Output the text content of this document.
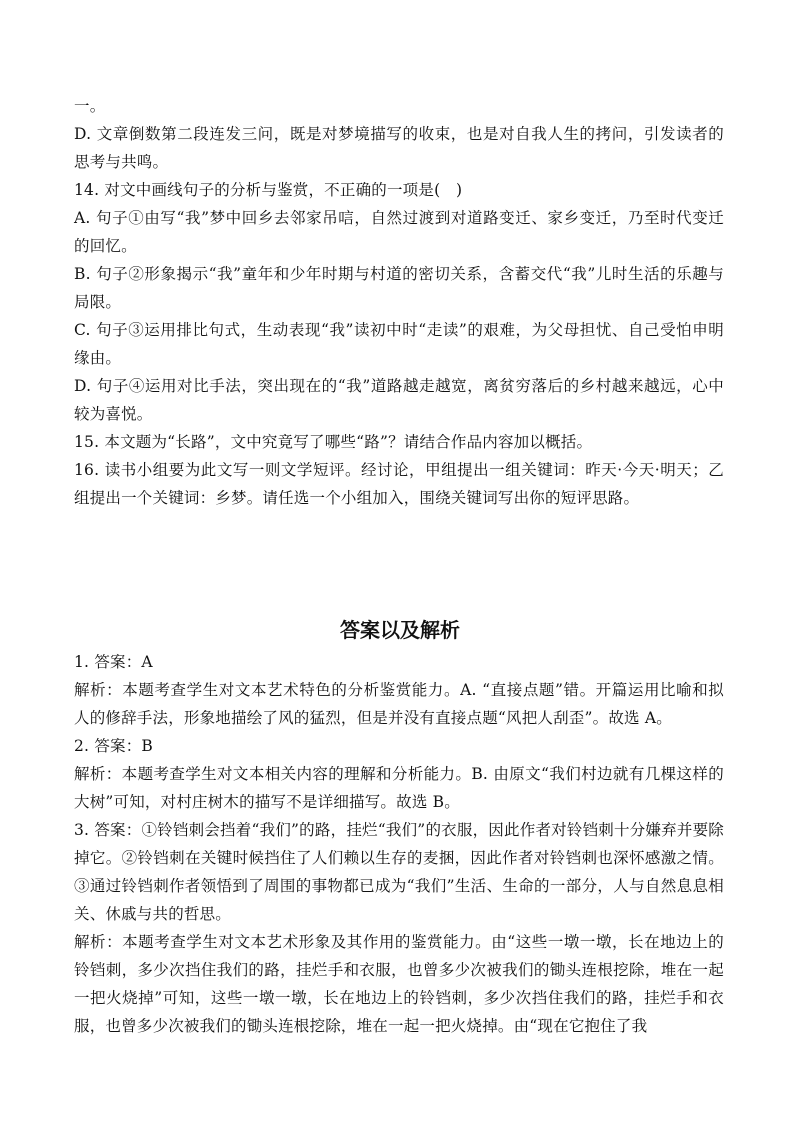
一。
D. 文章倒数第二段连发三问，既是对梦境描写的收束，也是对自我人生的拷问，引发读者的思考与共鸣。
14. 对文中画线句子的分析与鉴赏，不正确的一项是( )
A. 句子①由写“我”梦中回乡去邻家吊唁，自然过渡到对道路变迁、家乡变迁，乃至时代变迁的回忆。
B. 句子②形象揭示“我”童年和少年时期与村道的密切关系，含蓄交代“我”儿时生活的乐趣与局限。
C. 句子③运用排比句式，生动表现“我”读初中时“走读”的艰难，为父母担忧、自己受怕申明缘由。
D. 句子④运用对比手法，突出现在的“我”道路越走越宽，离贫穷落后的乡村越来越远，心中较为喜悦。
15. 本文题为“长路”，文中究竟写了哪些“路”？请结合作品内容加以概括。
16. 读书小组要为此文写一则文学短评。经讨论，甲组提出一组关键词：昨天·今天·明天；乙组提出一个关键词：乡梦。请任选一个小组加入，围绕关键词写出你的短评思路。
答案以及解析
1. 答案：A
解析：本题考查学生对文本艺术特色的分析鉴赏能力。A. “直接点题”错。开篇运用比喻和拟人的修辞手法，形象地描绘了风的猛烈，但是并没有直接点题“风把人刮歪”。故选 A。
2. 答案：B
解析：本题考查学生对文本相关内容的理解和分析能力。B. 由原文“我们村边就有几棵这样的大树”可知，对村庄树木的描写不是详细描写。故选 B。
3. 答案：①铃铛刺会挡着“我们”的路，挂烂“我们”的衣服，因此作者对铃铛刺十分嫌弃并要除掉它。②铃铛刺在关键时候挡住了人们赖以生存的麦捆，因此作者对铃铛刺也深怀感激之情。③通过铃铛刺作者领悟到了周围的事物都已成为“我们”生活、生命的一部分，人与自然息息相关、休戚与共的哲思。
解析：本题考查学生对文本艺术形象及其作用的鉴赏能力。由“这些一墩一墩，长在地边上的铃铛刺，多少次挡住我们的路，挂烂手和衣服，也曾多少次被我们的锄头连根挖除，堆在一起一把火烧掉”可知，这些一墩一墩，长在地边上的铃铛刺，多少次挡住我们的路，挂烂手和衣服，也曾多少次被我们的锄头连根挖除，堆在一起一把火烧掉。由“现在它抱住了我
